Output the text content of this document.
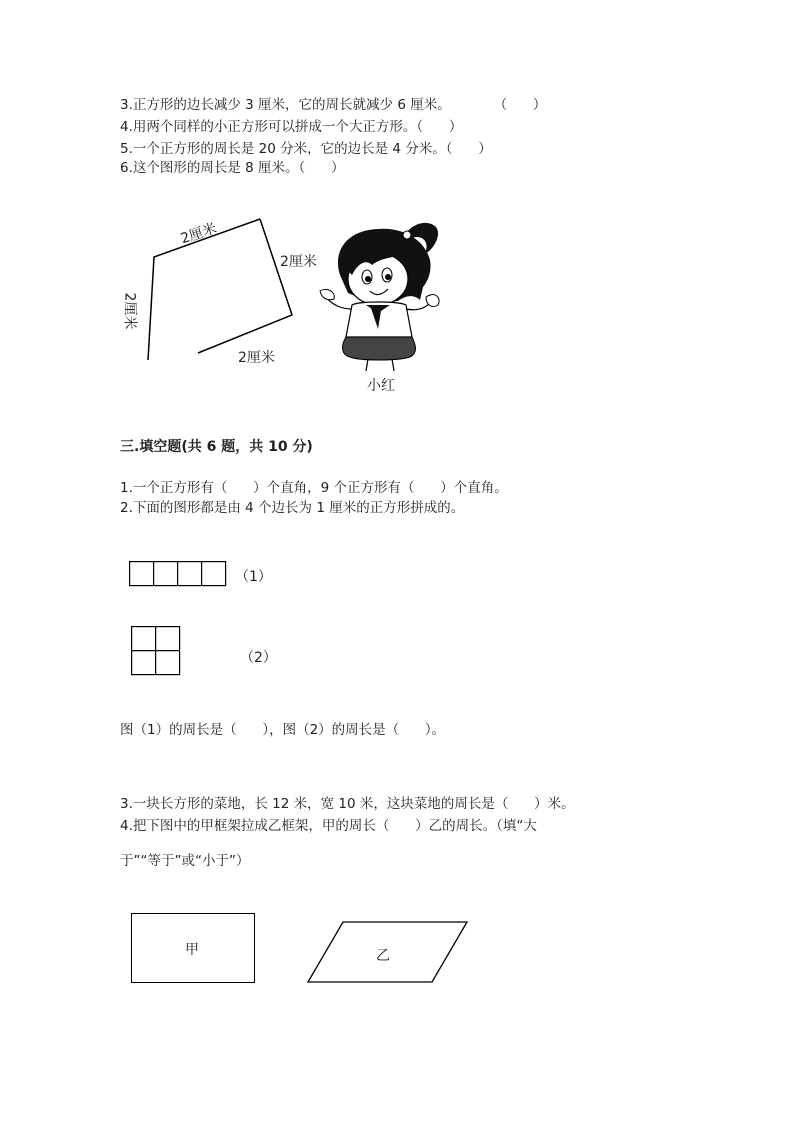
3.正方形的边长减少 3 厘米，它的周长就减少 6 厘米。          （      ）
4.用两个同样的小正方形可以拼成一个大正方形。（      ）
5.一个正方形的周长是 20 分米，它的边长是 4 分米。（      ）
6.这个图形的周长是 8 厘米。（      ）
2厘米
2厘米
2厘米
2厘米
小红
三.填空题(共 6 题，共 10 分)
1.一个正方形有（      ）个直角，9 个正方形有（      ）个直角。
2.下面的图形都是由 4 个边长为 1 厘米的正方形拼成的。
（1）
（2）
图（1）的周长是（      ），图（2）的周长是（      ）。
3.一块长方形的菜地，长 12 米，宽 10 米，这块菜地的周长是（      ）米。
4.把下图中的甲框架拉成乙框架，甲的周长（      ）乙的周长。（填“大
于”“等于”或“小于”）
甲	乙
